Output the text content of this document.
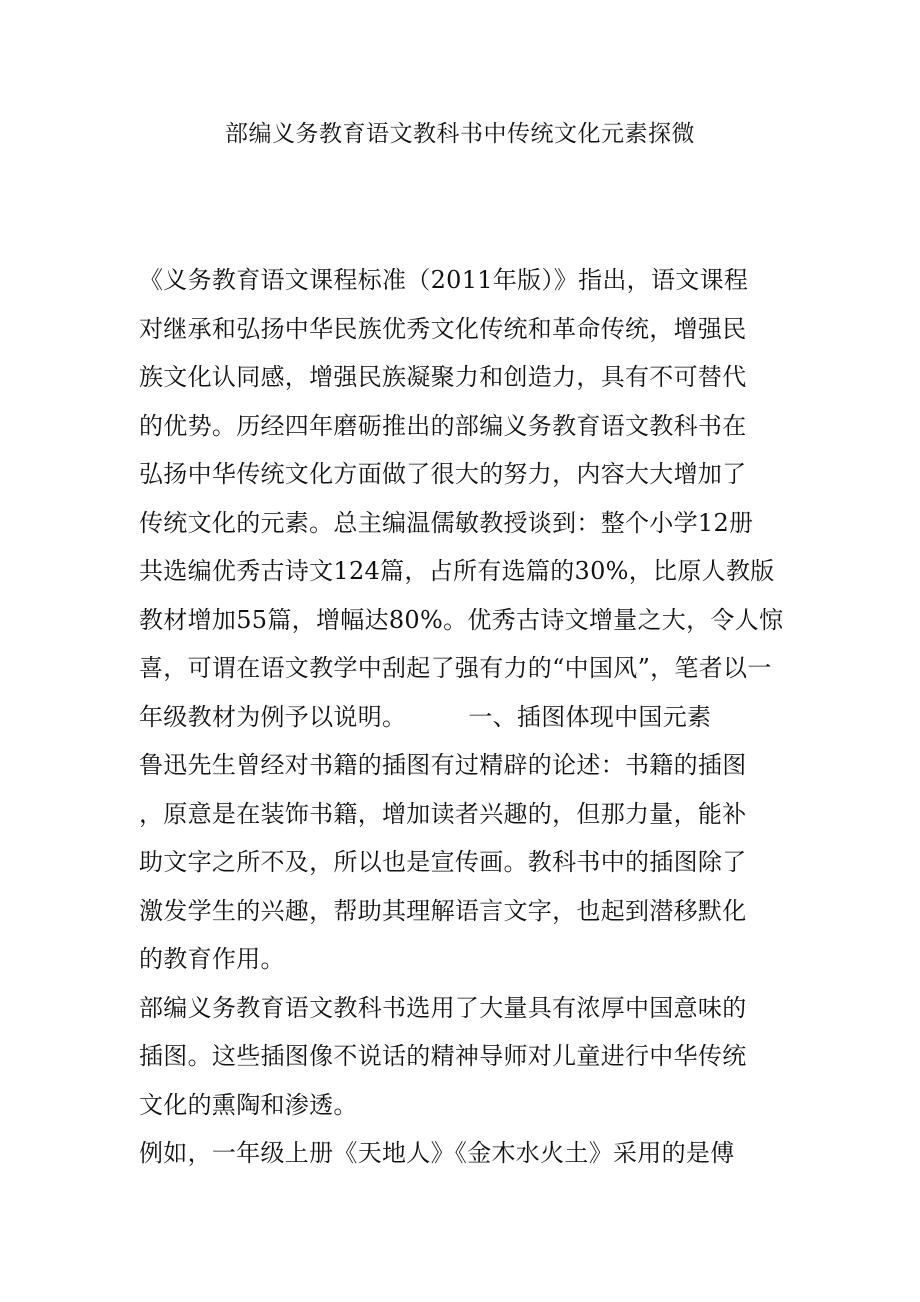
部编义务教育语文教科书中传统文化元素探微
《义务教育语文课程标准（2011年版）》指出，语文课程
对继承和弘扬中华民族优秀文化传统和革命传统，增强民
族文化认同感，增强民族凝聚力和创造力，具有不可替代
的优势。历经四年磨砺推出的部编义务教育语文教科书在
弘扬中华传统文化方面做了很大的努力，内容大大增加了
传统文化的元素。总主编温儒敏教授谈到：整个小学12册
共选编优秀古诗文124篇，占所有选篇的30%，比原人教版
教材增加55篇，增幅达80%。优秀古诗文增量之大，令人惊
喜，可谓在语文教学中刮起了强有力的“中国风”，笔者以一
年级教材为例予以说明。	一、插图体现中国元素
鲁迅先生曾经对书籍的插图有过精辟的论述：书籍的插图
，原意是在装饰书籍，增加读者兴趣的，但那力量，能补
助文字之所不及，所以也是宣传画。教科书中的插图除了
激发学生的兴趣，帮助其理解语言文字，也起到潜移默化
的教育作用。
部编义务教育语文教科书选用了大量具有浓厚中国意味的
插图。这些插图像不说话的精神导师对儿童进行中华传统
文化的熏陶和渗透。
例如，一年级上册《天地人》《金木水火土》采用的是傅
